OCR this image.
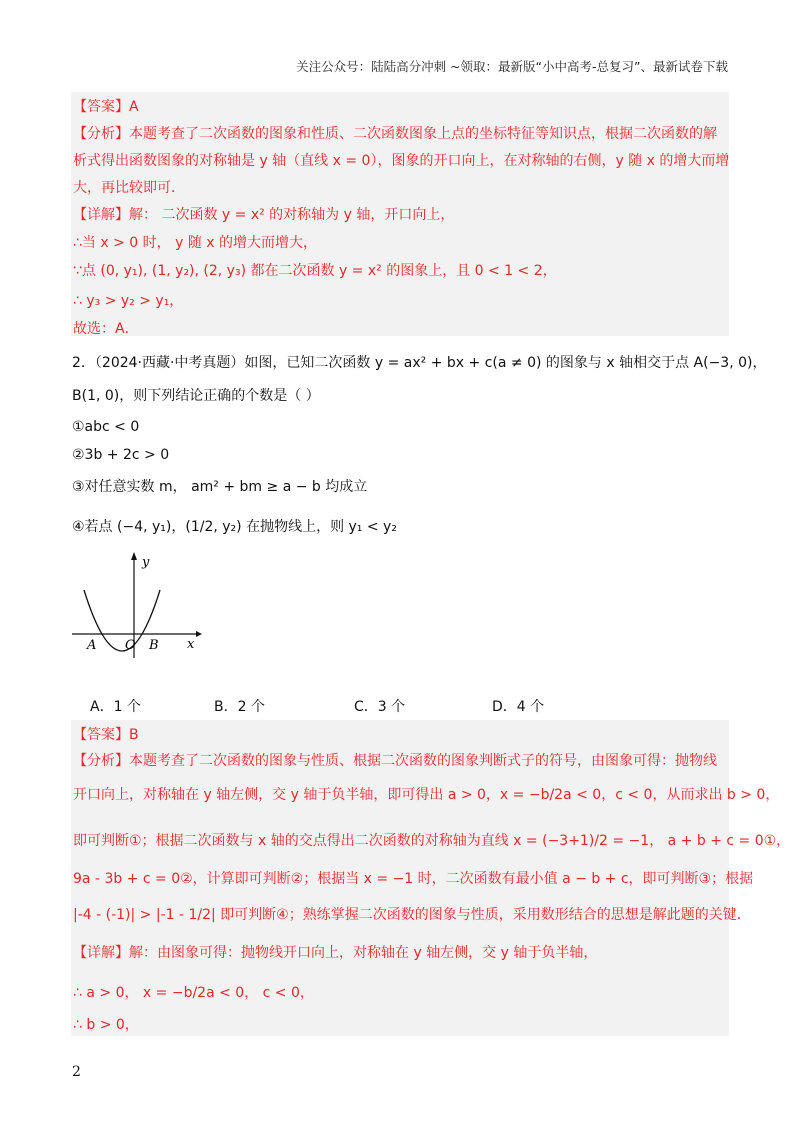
关注公众号：陆陆高分冲刺 ~领取：最新版“小中高考-总复习”、最新试卷下载
【答案】A
【分析】本题考查了二次函数的图象和性质、二次函数图象上点的坐标特征等知识点，根据二次函数的解
析式得出函数图象的对称轴是 y 轴（直线 x = 0），图象的开口向上，在对称轴的右侧，y 随 x 的增大而增
大，再比较即可．
【详解】解： 二次函数 y = x² 的对称轴为 y 轴，开口向上，
∴当 x > 0 时， y 随 x 的增大而增大，
∵点 (0, y₁), (1, y₂), (2, y₃) 都在二次函数 y = x² 的图象上，且 0 < 1 < 2，
∴ y₃ > y₂ > y₁，
故选：A．
2．（2024·西藏·中考真题）如图，已知二次函数 y = ax² + bx + c(a ≠ 0) 的图象与 x 轴相交于点 A(−3, 0)，
B(1, 0)，则下列结论正确的个数是（ ）
①abc < 0
②3b + 2c > 0
③对任意实数 m， am² + bm ≥ a − b 均成立
④若点 (−4, y₁)，(1/2, y₂) 在抛物线上，则 y₁ < y₂
y
x
O
A	B
A．1 个	B．2 个	C．3 个	D．4 个
【答案】B
【分析】本题考查了二次函数的图象与性质、根据二次函数的图象判断式子的符号，由图象可得：抛物线
开口向上，对称轴在 y 轴左侧，交 y 轴于负半轴，即可得出 a > 0，x = −b/2a < 0，c < 0，从而求出 b > 0，
即可判断①；根据二次函数与 x 轴的交点得出二次函数的对称轴为直线 x = (−3+1)/2 = −1， a + b + c = 0①，
9a - 3b + c = 0②，计算即可判断②；根据当 x = −1 时，二次函数有最小值 a − b + c，即可判断③；根据
|-4 - (-1)| > |-1 - 1/2| 即可判断④；熟练掌握二次函数的图象与性质，采用数形结合的思想是解此题的关键．
【详解】解：由图象可得：抛物线开口向上，对称轴在 y 轴左侧，交 y 轴于负半轴，
∴ a > 0， x = −b/2a < 0， c < 0，
∴ b > 0，
2
